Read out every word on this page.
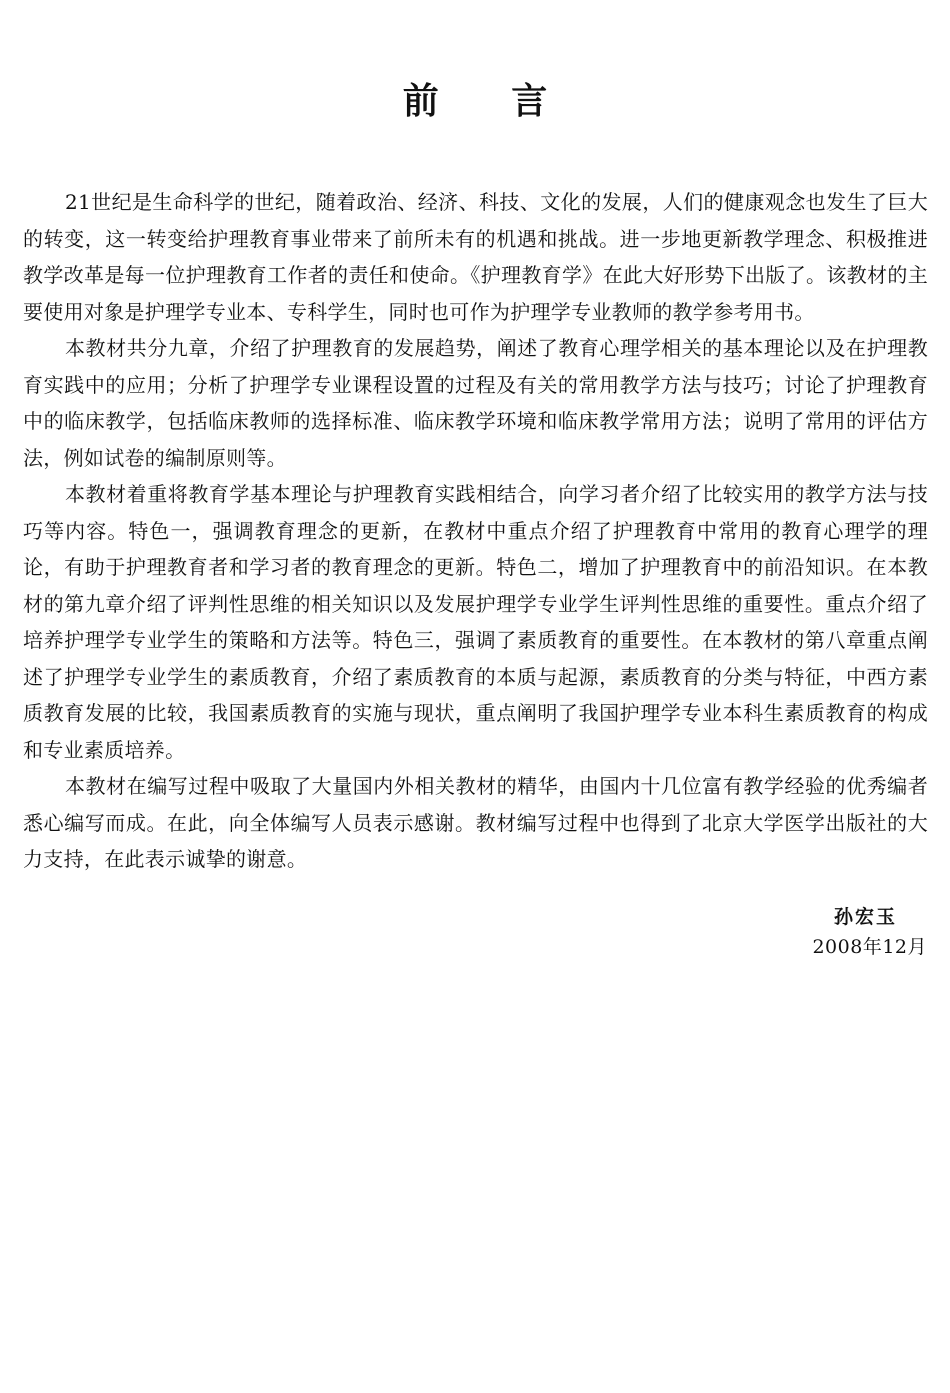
前 言

21世纪是生命科学的世纪，随着政治、经济、科技、文化的发展，人们的健康观念也发生了巨大的转变，这一转变给护理教育事业带来了前所未有的机遇和挑战。进一步地更新教学理念、积极推进教学改革是每一位护理教育工作者的责任和使命。《护理教育学》在此大好形势下出版了。该教材的主要使用对象是护理学专业本、专科学生，同时也可作为护理学专业教师的教学参考用书。

本教材共分九章，介绍了护理教育的发展趋势，阐述了教育心理学相关的基本理论以及在护理教育实践中的应用；分析了护理学专业课程设置的过程及有关的常用教学方法与技巧；讨论了护理教育中的临床教学，包括临床教师的选择标准、临床教学环境和临床教学常用方法；说明了常用的评估方法，例如试卷的编制原则等。

本教材着重将教育学基本理论与护理教育实践相结合，向学习者介绍了比较实用的教学方法与技巧等内容。特色一，强调教育理念的更新，在教材中重点介绍了护理教育中常用的教育心理学的理论，有助于护理教育者和学习者的教育理念的更新。特色二，增加了护理教育中的前沿知识。在本教材的第九章介绍了评判性思维的相关知识以及发展护理学专业学生评判性思维的重要性。重点介绍了培养护理学专业学生的策略和方法等。特色三，强调了素质教育的重要性。在本教材的第八章重点阐述了护理学专业学生的素质教育，介绍了素质教育的本质与起源，素质教育的分类与特征，中西方素质教育发展的比较，我国素质教育的实施与现状，重点阐明了我国护理学专业本科生素质教育的构成和专业素质培养。

本教材在编写过程中吸取了大量国内外相关教材的精华，由国内十几位富有教学经验的优秀编者悉心编写而成。在此，向全体编写人员表示感谢。教材编写过程中也得到了北京大学医学出版社的大力支持，在此表示诚挚的谢意。

孙宏玉

2008年12月
